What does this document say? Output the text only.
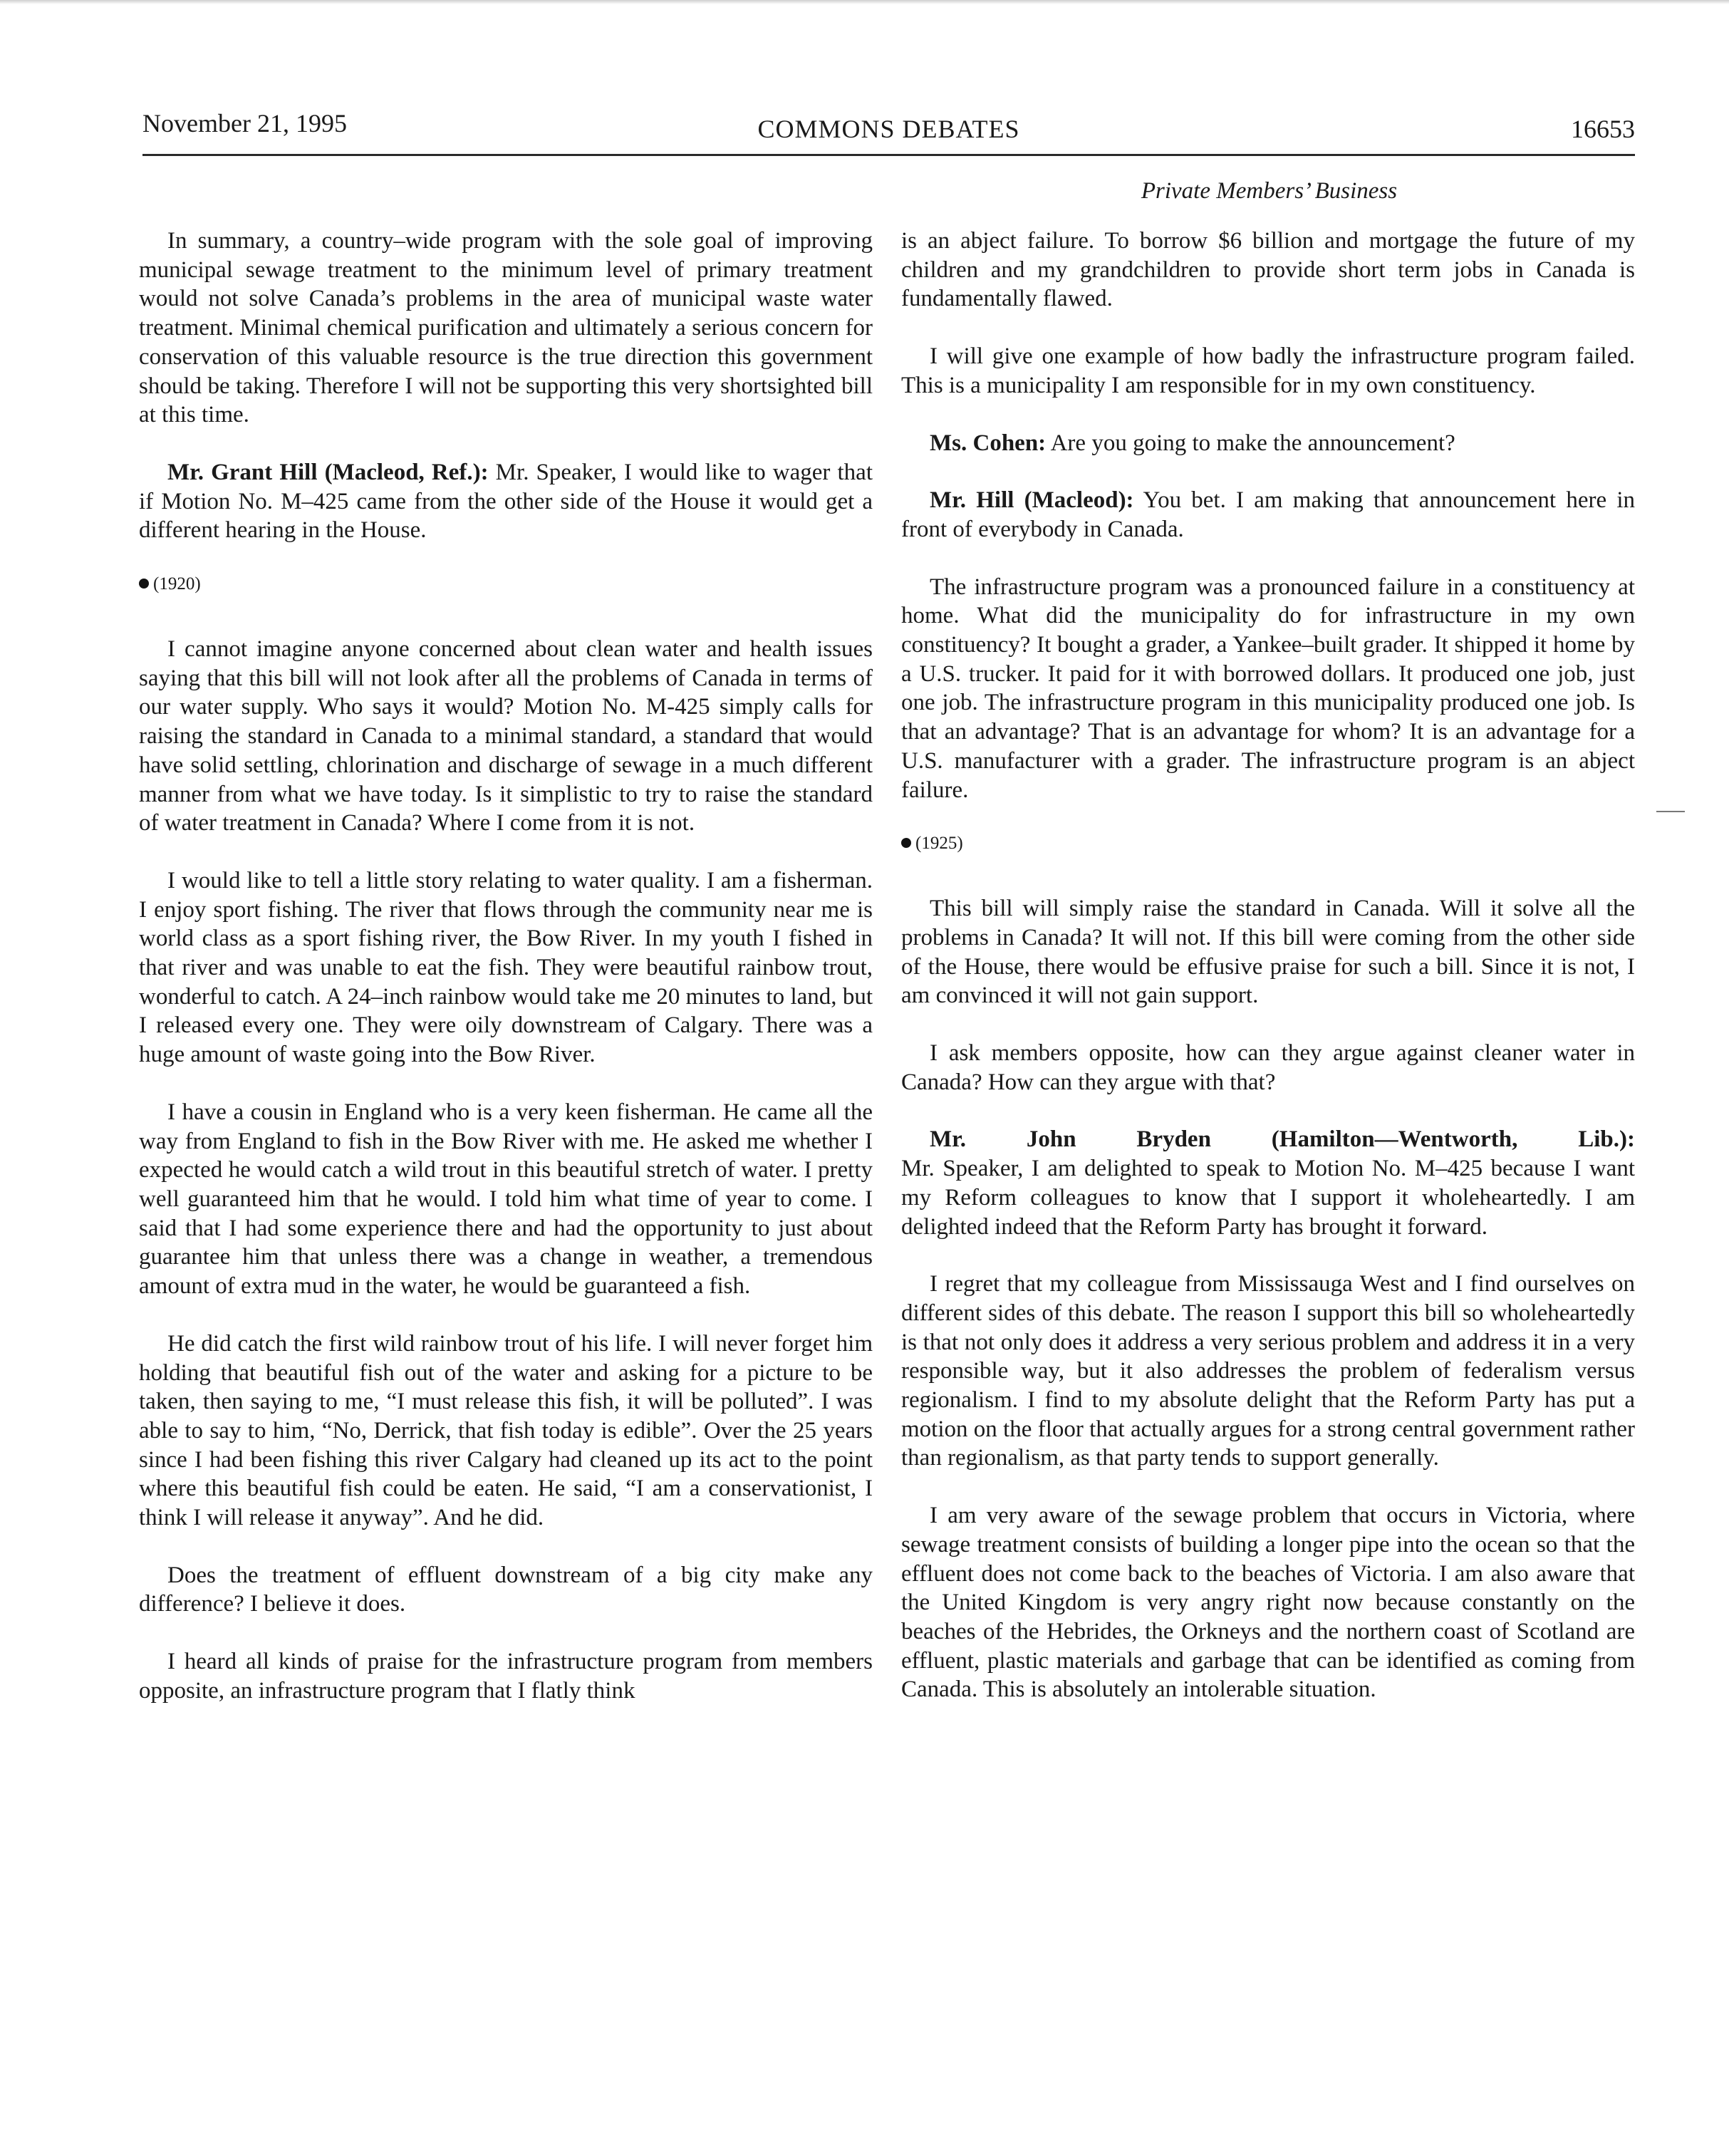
November 21, 1995	COMMONS DEBATES	16653
Private Members’ Business

In summary, a country–wide program with the sole goal of improving municipal sewage treatment to the minimum level of primary treatment would not solve Canada’s problems in the area of municipal waste water treatment. Minimal chemical purification and ultimately a serious concern for conservation of this valuable resource is the true direction this government should be taking. Therefore I will not be supporting this very shortsighted bill at this time.

Mr. Grant Hill (Macleod, Ref.): Mr. Speaker, I would like to wager that if Motion No. M–425 came from the other side of the House it would get a different hearing in the House.

(1920)

I cannot imagine anyone concerned about clean water and health issues saying that this bill will not look after all the problems of Canada in terms of our water supply. Who says it would? Motion No. M-425 simply calls for raising the standard in Canada to a minimal standard, a standard that would have solid settling, chlorination and discharge of sewage in a much different manner from what we have today. Is it simplistic to try to raise the standard of water treatment in Canada? Where I come from it is not.

I would like to tell a little story relating to water quality. I am a fisherman. I enjoy sport fishing. The river that flows through the community near me is world class as a sport fishing river, the Bow River. In my youth I fished in that river and was unable to eat the fish. They were beautiful rainbow trout, wonderful to catch. A 24–inch rainbow would take me 20 minutes to land, but I released every one. They were oily downstream of Calgary. There was a huge amount of waste going into the Bow River.

I have a cousin in England who is a very keen fisherman. He came all the way from England to fish in the Bow River with me. He asked me whether I expected he would catch a wild trout in this beautiful stretch of water. I pretty well guaranteed him that he would. I told him what time of year to come. I said that I had some experience there and had the opportunity to just about guarantee him that unless there was a change in weather, a tremendous amount of extra mud in the water, he would be guaranteed a fish.

He did catch the first wild rainbow trout of his life. I will never forget him holding that beautiful fish out of the water and asking for a picture to be taken, then saying to me, “I must release this fish, it will be polluted”. I was able to say to him, “No, Derrick, that fish today is edible”. Over the 25 years since I had been fishing this river Calgary had cleaned up its act to the point where this beautiful fish could be eaten. He said, “I am a conservationist, I think I will release it anyway”. And he did.

Does the treatment of effluent downstream of a big city make any difference? I believe it does.

I heard all kinds of praise for the infrastructure program from members opposite, an infrastructure program that I flatly think

is an abject failure. To borrow $6 billion and mortgage the future of my children and my grandchildren to provide short term jobs in Canada is fundamentally flawed.

I will give one example of how badly the infrastructure program failed. This is a municipality I am responsible for in my own constituency.

Ms. Cohen: Are you going to make the announcement?

Mr. Hill (Macleod): You bet. I am making that announcement here in front of everybody in Canada.

The infrastructure program was a pronounced failure in a constituency at home. What did the municipality do for infrastructure in my own constituency? It bought a grader, a Yankee–built grader. It shipped it home by a U.S. trucker. It paid for it with borrowed dollars. It produced one job, just one job. The infrastructure program in this municipality produced one job. Is that an advantage? That is an advantage for whom? It is an advantage for a U.S. manufacturer with a grader. The infrastructure program is an abject failure.

(1925)

This bill will simply raise the standard in Canada. Will it solve all the problems in Canada? It will not. If this bill were coming from the other side of the House, there would be effusive praise for such a bill. Since it is not, I am convinced it will not gain support.

I ask members opposite, how can they argue against cleaner water in Canada? How can they argue with that?

Mr.	John	Bryden	(Hamilton—Wentworth,	Lib.):

Mr. Speaker, I am delighted to speak to Motion No. M–425 because I want my Reform colleagues to know that I support it wholeheartedly. I am delighted indeed that the Reform Party has brought it forward.

I regret that my colleague from Mississauga West and I find ourselves on different sides of this debate. The reason I support this bill so wholeheartedly is that not only does it address a very serious problem and address it in a very responsible way, but it also addresses the problem of federalism versus regionalism. I find to my absolute delight that the Reform Party has put a motion on the floor that actually argues for a strong central government rather than regionalism, as that party tends to support generally.

I am very aware of the sewage problem that occurs in Victoria, where sewage treatment consists of building a longer pipe into the ocean so that the effluent does not come back to the beaches of Victoria. I am also aware that the United Kingdom is very angry right now because constantly on the beaches of the Hebrides, the Orkneys and the northern coast of Scotland are effluent, plastic materials and garbage that can be identified as coming from Canada. This is absolutely an intolerable situation.
